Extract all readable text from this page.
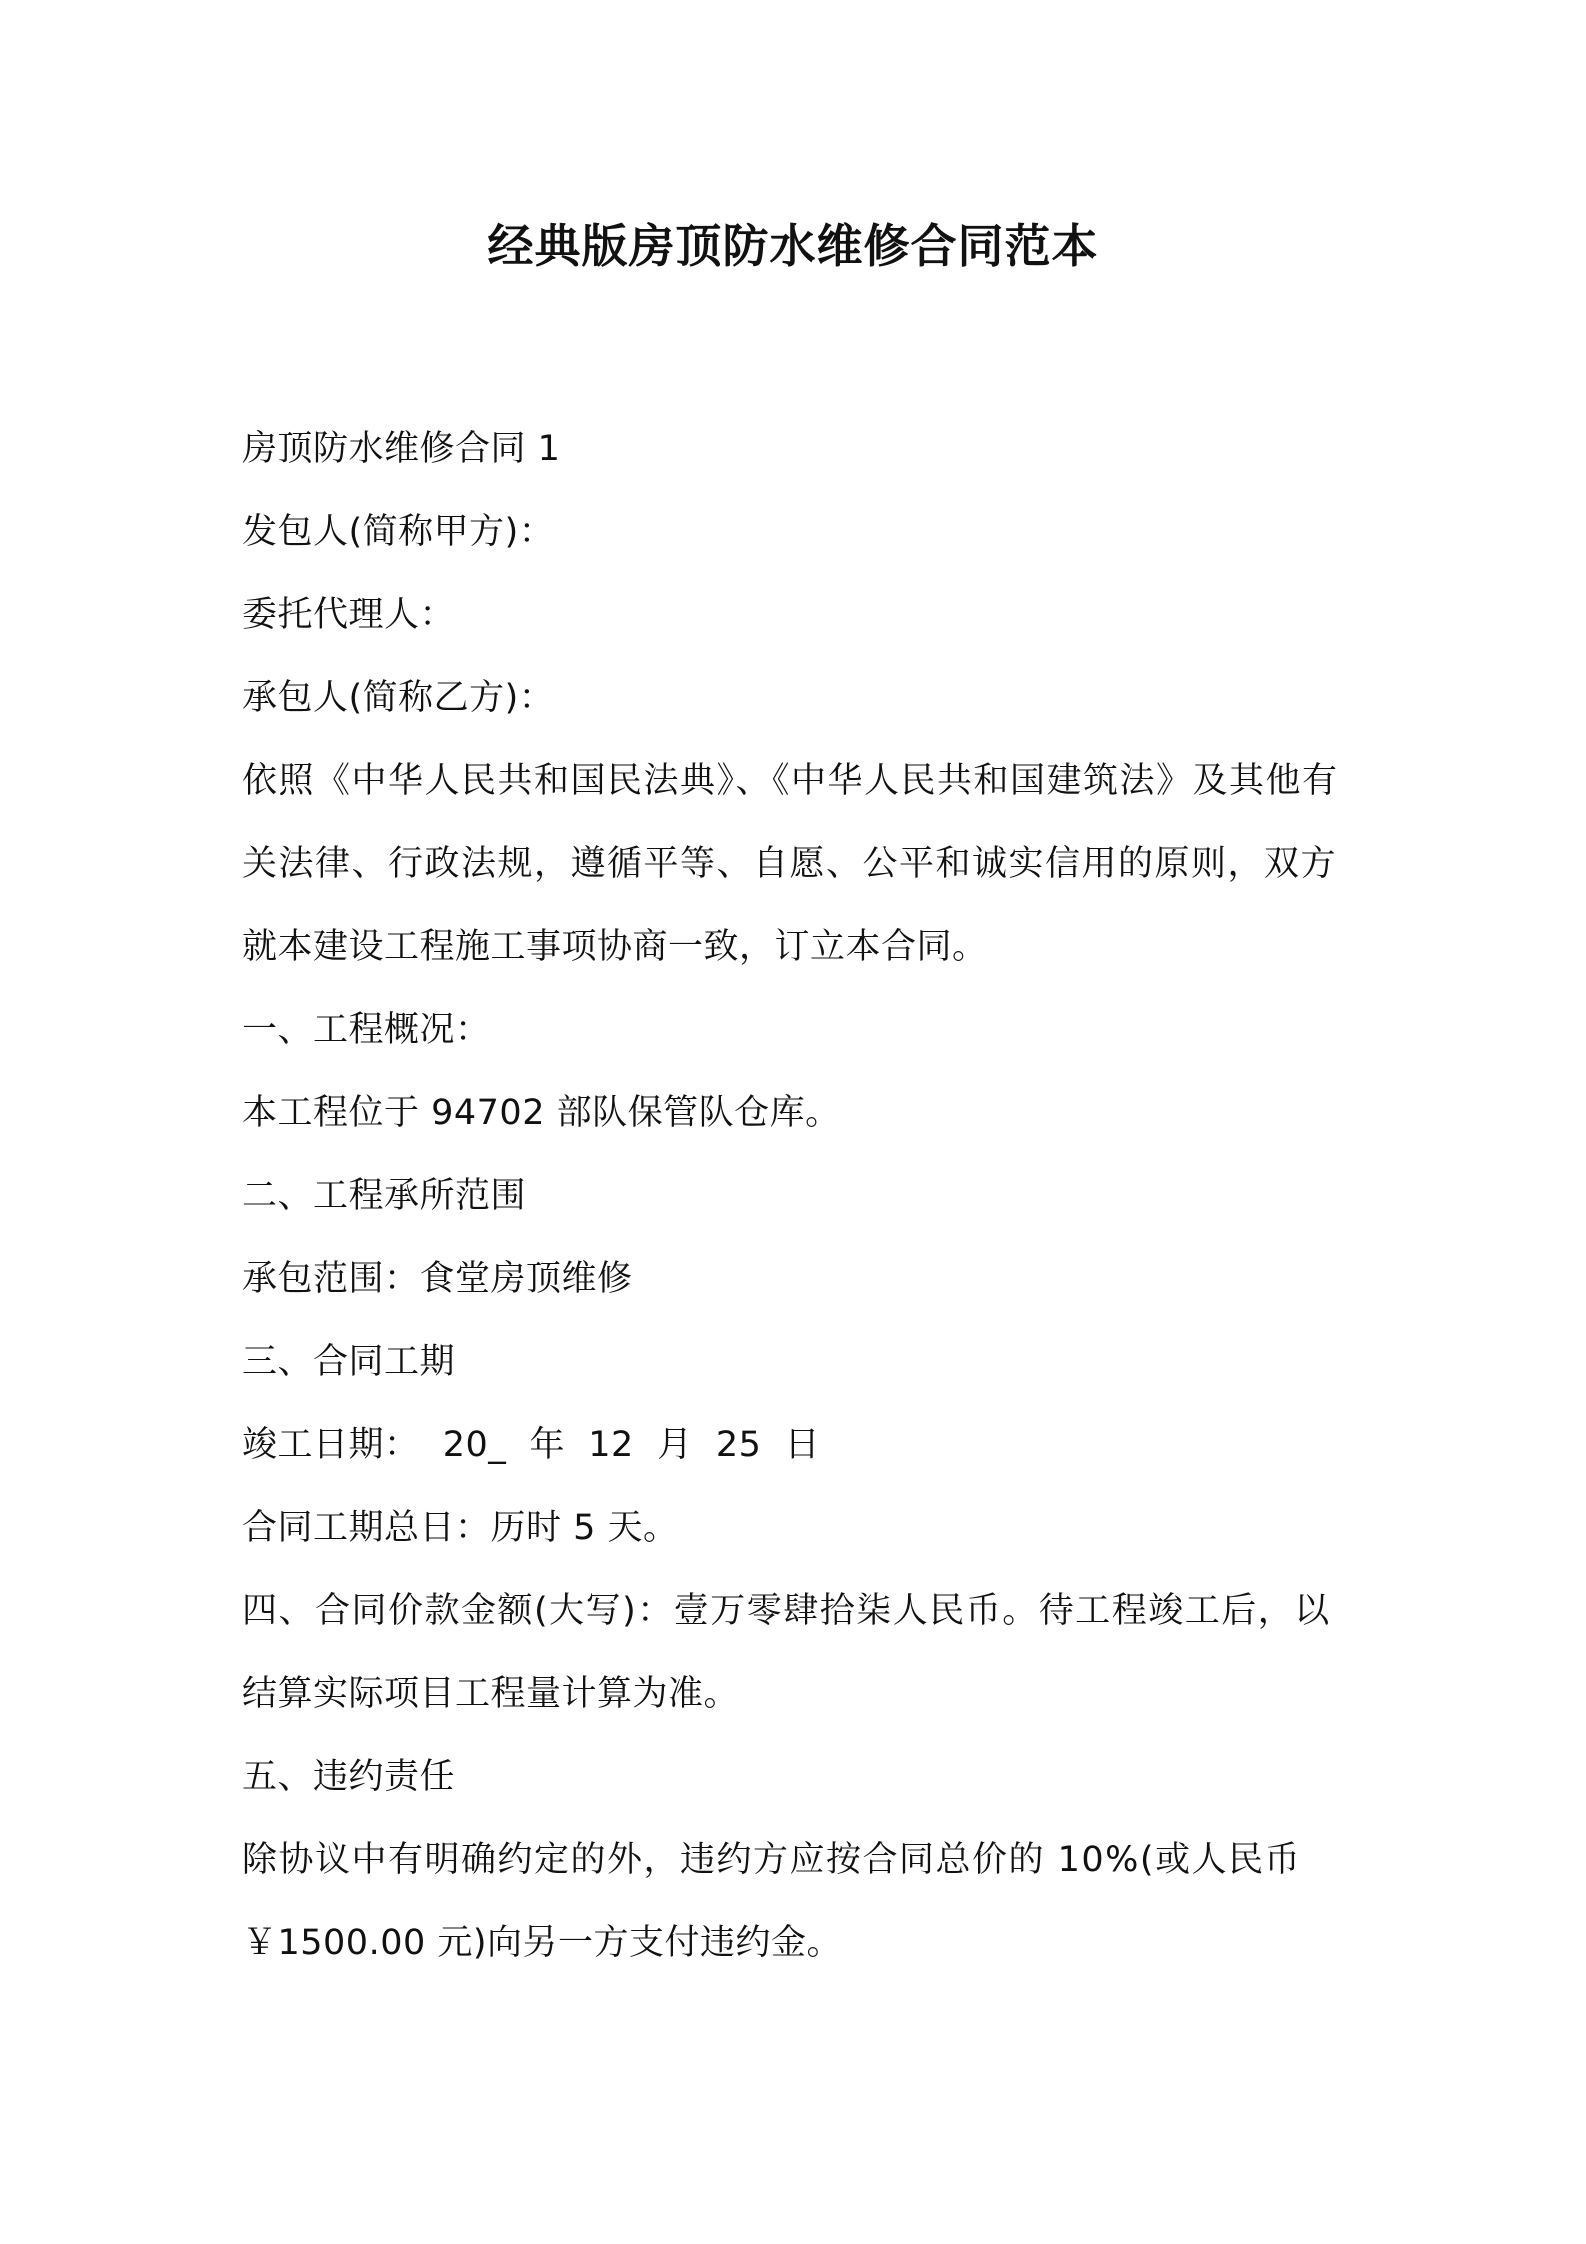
经典版房顶防水维修合同范本
房顶防水维修合同 1
发包人(简称甲方)：
委托代理人：
承包人(简称乙方)：
依照《中华人民共和国民法典》、《中华人民共和国建筑法》及其他有
关法律、行政法规，遵循平等、自愿、公平和诚实信用的原则，双方
就本建设工程施工事项协商一致，订立本合同。
一、工程概况：
本工程位于 94702 部队保管队仓库。
二、工程承所范围
承包范围：食堂房顶维修
三、合同工期
竣工日期：  20_  年  12  月  25  日
合同工期总日：历时 5 天。
四、合同价款金额(大写)：壹万零肆拾柒人民币。待工程竣工后，以
结算实际项目工程量计算为准。
五、违约责任
除协议中有明确约定的外，违约方应按合同总价的 10%(或人民币
￥1500.00 元)向另一方支付违约金。
